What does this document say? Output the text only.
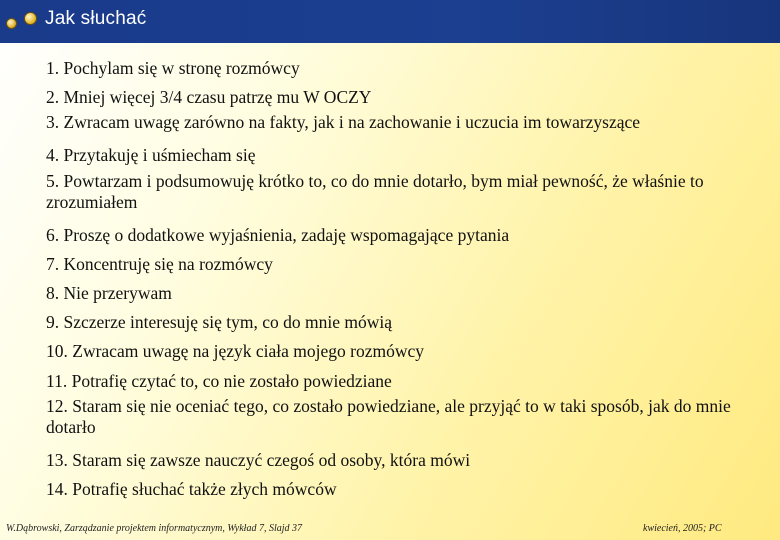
Jak słuchać
1. Pochylam się w stronę rozmówcy
2. Mniej więcej 3/4 czasu patrzę mu W OCZY
3. Zwracam uwagę zarówno na fakty, jak i na zachowanie i uczucia im towarzyszące
4. Przytakuję i uśmiecham się
5. Powtarzam i podsumowuję krótko to, co do mnie dotarło, bym miał pewność, że właśnie to zrozumiałem
6. Proszę o dodatkowe wyjaśnienia, zadaję wspomagające pytania
7. Koncentruję się na rozmówcy
8. Nie przerywam
9. Szczerze interesuję się tym, co do mnie mówią
10. Zwracam uwagę na język ciała mojego rozmówcy
11. Potrafię czytać to, co nie zostało powiedziane
12. Staram się nie oceniać tego, co zostało powiedziane, ale przyjąć to w taki sposób, jak do mnie dotarło
13. Staram się zawsze nauczyć czegoś od osoby, która mówi
14. Potrafię słuchać także złych mówców
W.Dąbrowski, Zarządzanie projektem informatycznym, Wykład 7, Slajd 37	kwiecień, 2005; PC
